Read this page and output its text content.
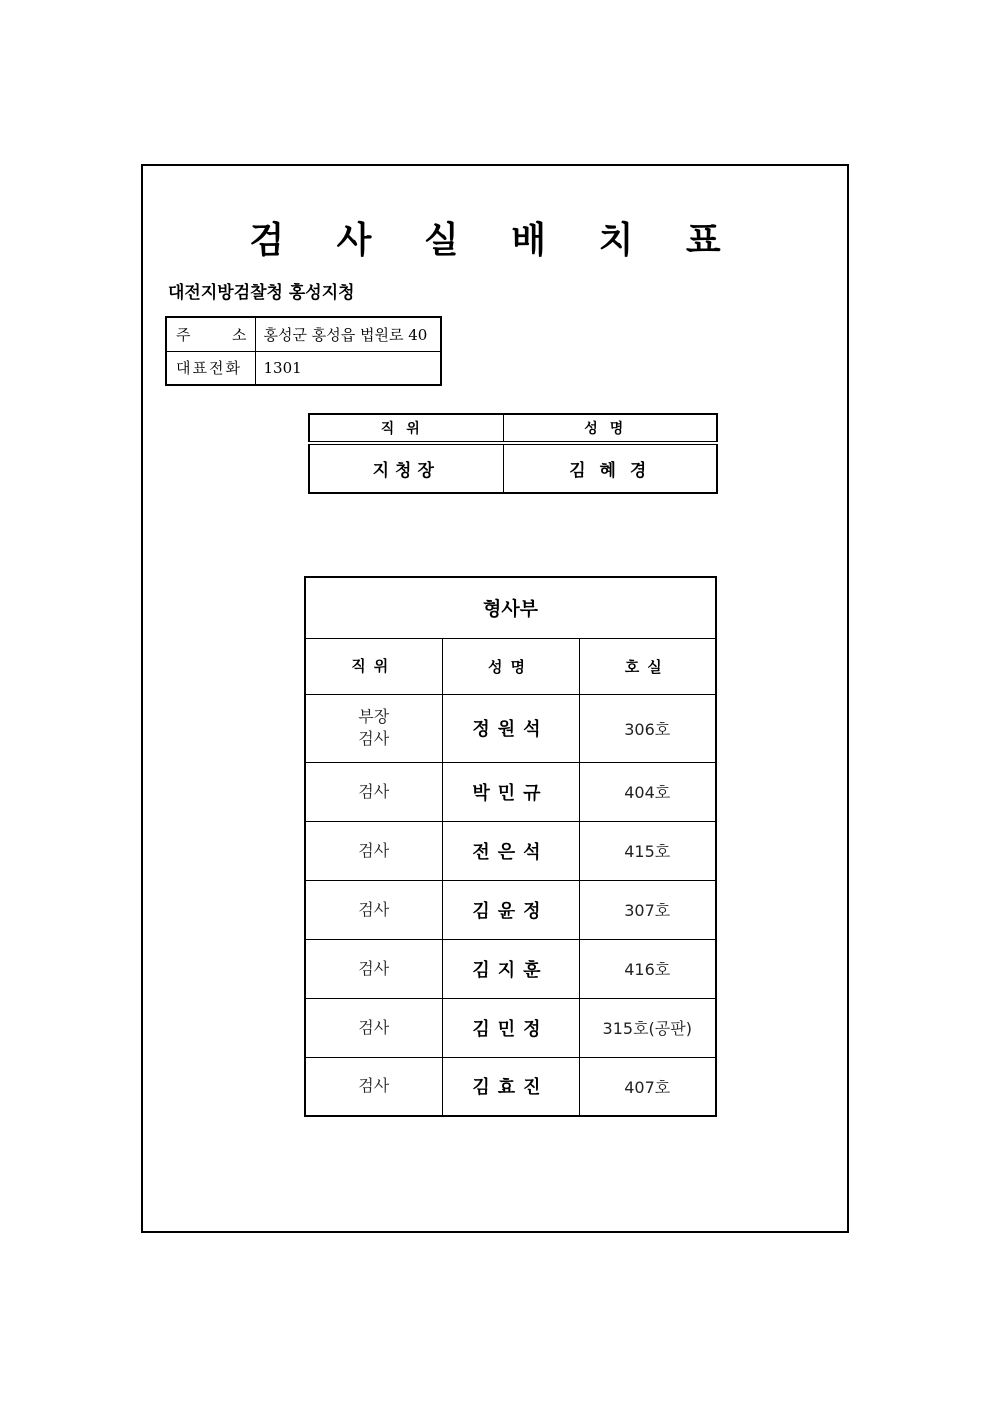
검 사 실 배 치 표
대전지방검찰청 홍성지청
주 소	홍성군 홍성읍 법원로 40
대표전화	1301
직위	성명
지청장	김 혜 경
형사부		
직위	성명	호실

부장
검사	정원석	306호

검사	박민규	404호

검사	전은석	415호

검사	김윤정	307호

검사	김지훈	416호

검사	김민정	315호(공판)

검사	김효진	407호
